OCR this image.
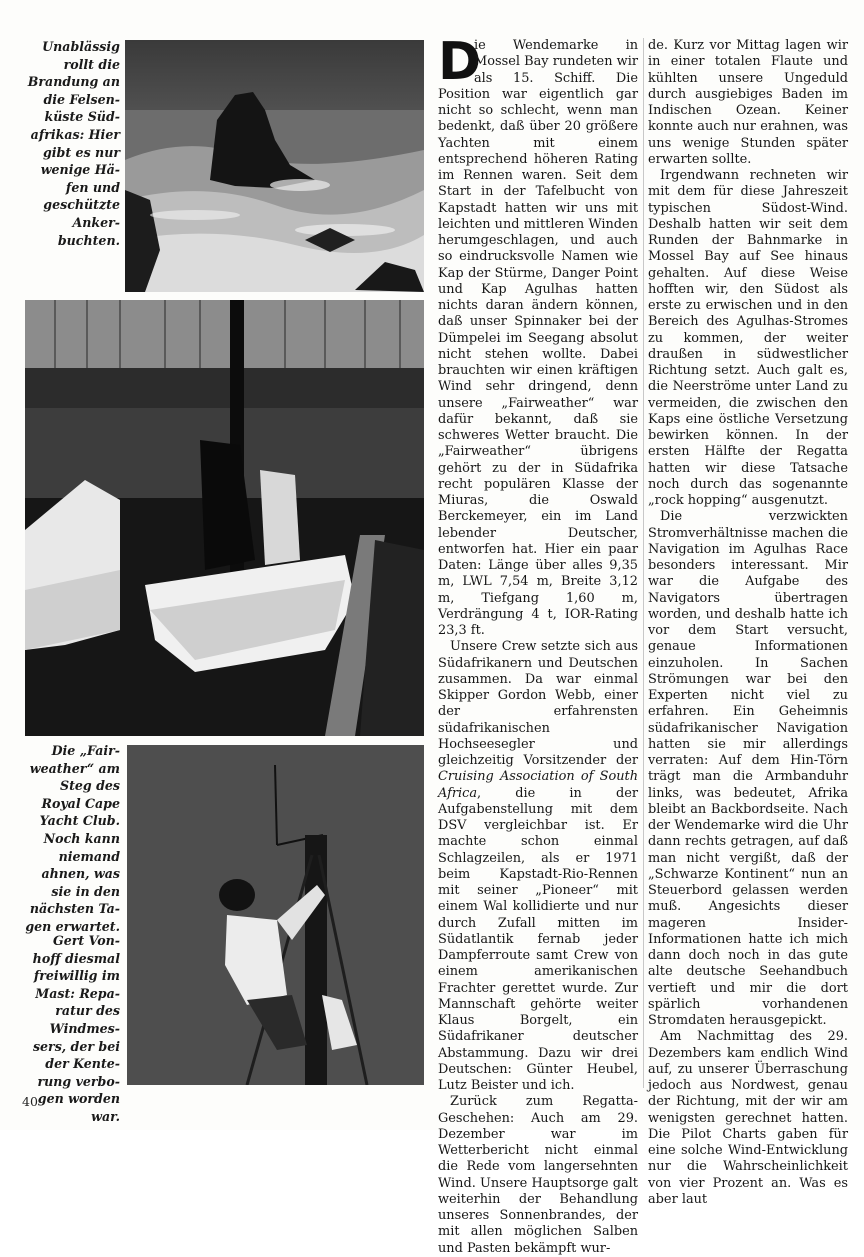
Unablässig
rollt die
Brandung an
die Felsen-
küste Süd-
afrikas: Hier
gibt es nur
wenige Hä-
fen und
geschützte
Anker-
buchten.
Die „Fair-
weather“ am
Steg des
Royal Cape
Yacht Club.
Noch kann
niemand
ahnen, was
sie in den
nächsten Ta-
gen erwartet.
Gert Von-
hoff diesmal
freiwillig im
Mast: Repa-
ratur des
Windmes-
sers, der bei
der Kente-
rung verbo-
gen worden
war.

D
ie Wendemarke in Mossel Bay rundeten wir als 15. Schiff. Die Position war eigentlich gar nicht so schlecht, wenn man bedenkt, daß über 20 größere Yachten mit einem entsprechend höheren Rating im Rennen waren. Seit dem Start in der Tafelbucht von Kapstadt hatten wir uns mit leichten und mittleren Winden herumgeschlagen, und auch so eindrucksvolle Namen wie Kap der Stürme, Danger Point und Kap Agulhas hatten nichts daran ändern können, daß unser Spinnaker bei der Dümpelei im Seegang absolut nicht stehen wollte. Dabei brauchten wir einen kräftigen Wind sehr dringend, denn unsere „Fairweather“ war dafür bekannt, daß sie schweres Wetter braucht. Die „Fairweather“ übrigens gehört zu der in Südafrika recht populären Klasse der Miuras, die Oswald Berckemeyer, ein im Land lebender Deutscher, entworfen hat. Hier ein paar Daten: Länge über alles 9,35 m, LWL 7,54 m, Breite 3,12 m, Tiefgang 1,60 m, Verdrängung 4 t, IOR-Rating 23,3 ft.

Unsere Crew setzte sich aus Südafrikanern und Deutschen zusammen. Da war einmal Skipper Gordon Webb, einer der erfahrensten südafrikanischen Hochseesegler und gleichzeitig Vorsitzender der Cruising Association of South Africa, die in der Aufgabenstellung mit dem DSV vergleichbar ist. Er machte schon einmal Schlagzeilen, als er 1971 beim Kapstadt-Rio-Rennen mit seiner „Pioneer“ mit einem Wal kollidierte und nur durch Zufall mitten im Südatlantik fernab jeder Dampferroute samt Crew von einem amerikanischen Frachter gerettet wurde. Zur Mannschaft gehörte weiter Klaus Borgelt, ein Südafrikaner deutscher Abstammung. Dazu wir drei Deutschen: Günter Heubel, Lutz Beister und ich.

Zurück zum Regatta-Geschehen: Auch am 29. Dezember war im Wetterbericht nicht einmal die Rede vom langersehnten Wind. Unsere Hauptsorge galt weiterhin der Behandlung unseres Sonnenbrandes, der mit allen möglichen Salben und Pasten bekämpft wur-

de. Kurz vor Mittag lagen wir in einer totalen Flaute und kühlten unsere Ungeduld durch ausgiebiges Baden im Indischen Ozean. Keiner konnte auch nur erahnen, was uns wenige Stunden später erwarten sollte.

Irgendwann rechneten wir mit dem für diese Jahreszeit typischen Südost-Wind. Deshalb hatten wir seit dem Runden der Bahnmarke in Mossel Bay auf See hinaus gehalten. Auf diese Weise hofften wir, den Südost als erste zu erwischen und in den Bereich des Agulhas-Stromes zu kommen, der weiter draußen in südwestlicher Richtung setzt. Auch galt es, die Neerströme unter Land zu vermeiden, die zwischen den Kaps eine östliche Versetzung bewirken können. In der ersten Hälfte der Regatta hatten wir diese Tatsache noch durch das sogenannte „rock hopping“ ausgenutzt.

Die verzwickten Stromverhältnisse machen die Navigation im Agulhas Race besonders interessant. Mir war die Aufgabe des Navigators übertragen worden, und deshalb hatte ich vor dem Start versucht, genaue Informationen einzuholen. In Sachen Strömungen war bei den Experten nicht viel zu erfahren. Ein Geheimnis südafrikanischer Navigation hatten sie mir allerdings verraten: Auf dem Hin-Törn trägt man die Armbanduhr links, was bedeutet, Afrika bleibt an Backbordseite. Nach der Wendemarke wird die Uhr dann rechts getragen, auf daß man nicht vergißt, daß der „Schwarze Kontinent“ nun an Steuerbord gelassen werden muß. Angesichts dieser mageren Insider-Informationen hatte ich mich dann doch noch in das gute alte deutsche Seehandbuch vertieft und mir die dort spärlich vorhandenen Stromdaten herausgepickt.

Am Nachmittag des 29. Dezembers kam endlich Wind auf, zu unserer Überraschung jedoch aus Nordwest, genau der Richtung, mit der wir am wenigsten gerechnet hatten. Die Pilot Charts gaben für eine solche Wind-Entwicklung nur die Wahrscheinlichkeit von vier Prozent an. Was es aber laut

40
